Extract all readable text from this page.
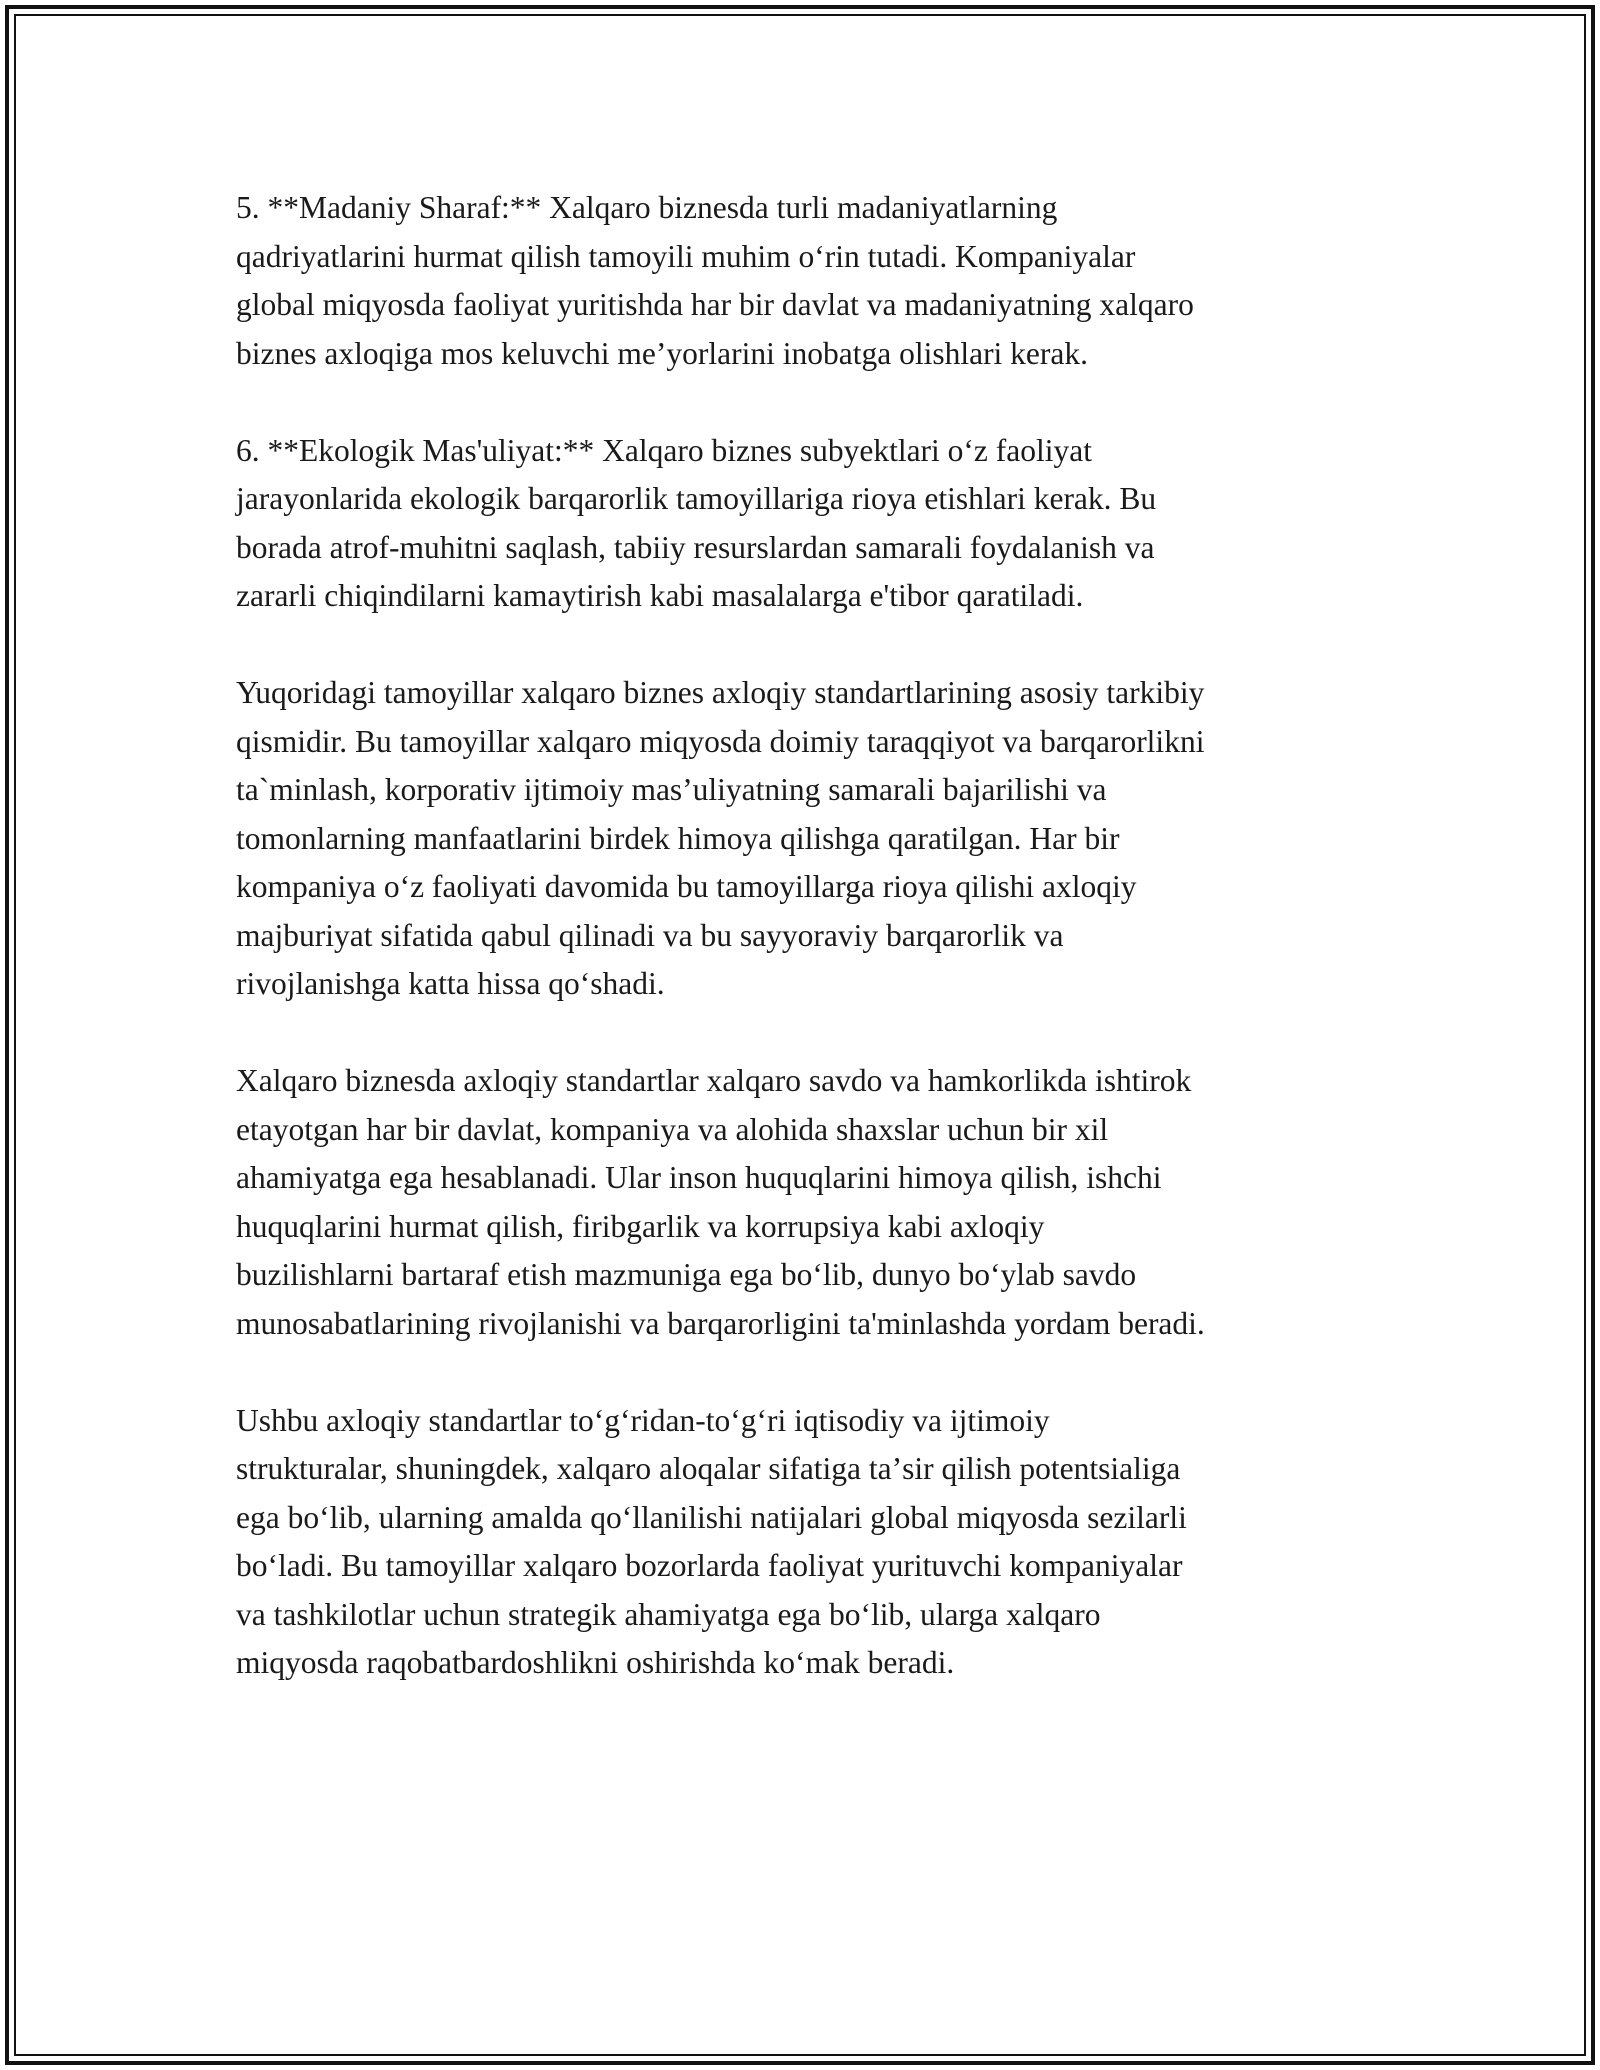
5. **Madaniy Sharaf:** Xalqaro biznesda turli madaniyatlarning
qadriyatlarini hurmat qilish tamoyili muhim oʻrin tutadi. Kompaniyalar
global miqyosda faoliyat yuritishda har bir davlat va madaniyatning xalqaro
biznes axloqiga mos keluvchi meʼyorlarini inobatga olishlari kerak.

6. **Ekologik Mas'uliyat:** Xalqaro biznes subyektlari oʻz faoliyat
jarayonlarida ekologik barqarorlik tamoyillariga rioya etishlari kerak. Bu
borada atrof-muhitni saqlash, tabiiy resurslardan samarali foydalanish va
zararli chiqindilarni kamaytirish kabi masalalarga e'tibor qaratiladi.

Yuqoridagi tamoyillar xalqaro biznes axloqiy standartlarining asosiy tarkibiy
qismidir. Bu tamoyillar xalqaro miqyosda doimiy taraqqiyot va barqarorlikni
ta`minlash, korporativ ijtimoiy mas’uliyatning samarali bajarilishi va
tomonlarning manfaatlarini birdek himoya qilishga qaratilgan. Har bir
kompaniya oʻz faoliyati davomida bu tamoyillarga rioya qilishi axloqiy
majburiyat sifatida qabul qilinadi va bu sayyoraviy barqarorlik va
rivojlanishga katta hissa qoʻshadi.

Xalqaro biznesda axloqiy standartlar xalqaro savdo va hamkorlikda ishtirok
etayotgan har bir davlat, kompaniya va alohida shaxslar uchun bir xil
ahamiyatga ega hesablanadi. Ular inson huquqlarini himoya qilish, ishchi
huquqlarini hurmat qilish, firibgarlik va korrupsiya kabi axloqiy
buzilishlarni bartaraf etish mazmuniga ega boʻlib, dunyo boʻylab savdo
munosabatlarining rivojlanishi va barqarorligini ta'minlashda yordam beradi.

Ushbu axloqiy standartlar toʻgʻridan-toʻgʻri iqtisodiy va ijtimoiy
strukturalar, shuningdek, xalqaro aloqalar sifatiga taʼsir qilish potentsialiga
ega boʻlib, ularning amalda qoʻllanilishi natijalari global miqyosda sezilarli
boʻladi. Bu tamoyillar xalqaro bozorlarda faoliyat yurituvchi kompaniyalar
va tashkilotlar uchun strategik ahamiyatga ega boʻlib, ularga xalqaro
miqyosda raqobatbardoshlikni oshirishda koʻmak beradi.
